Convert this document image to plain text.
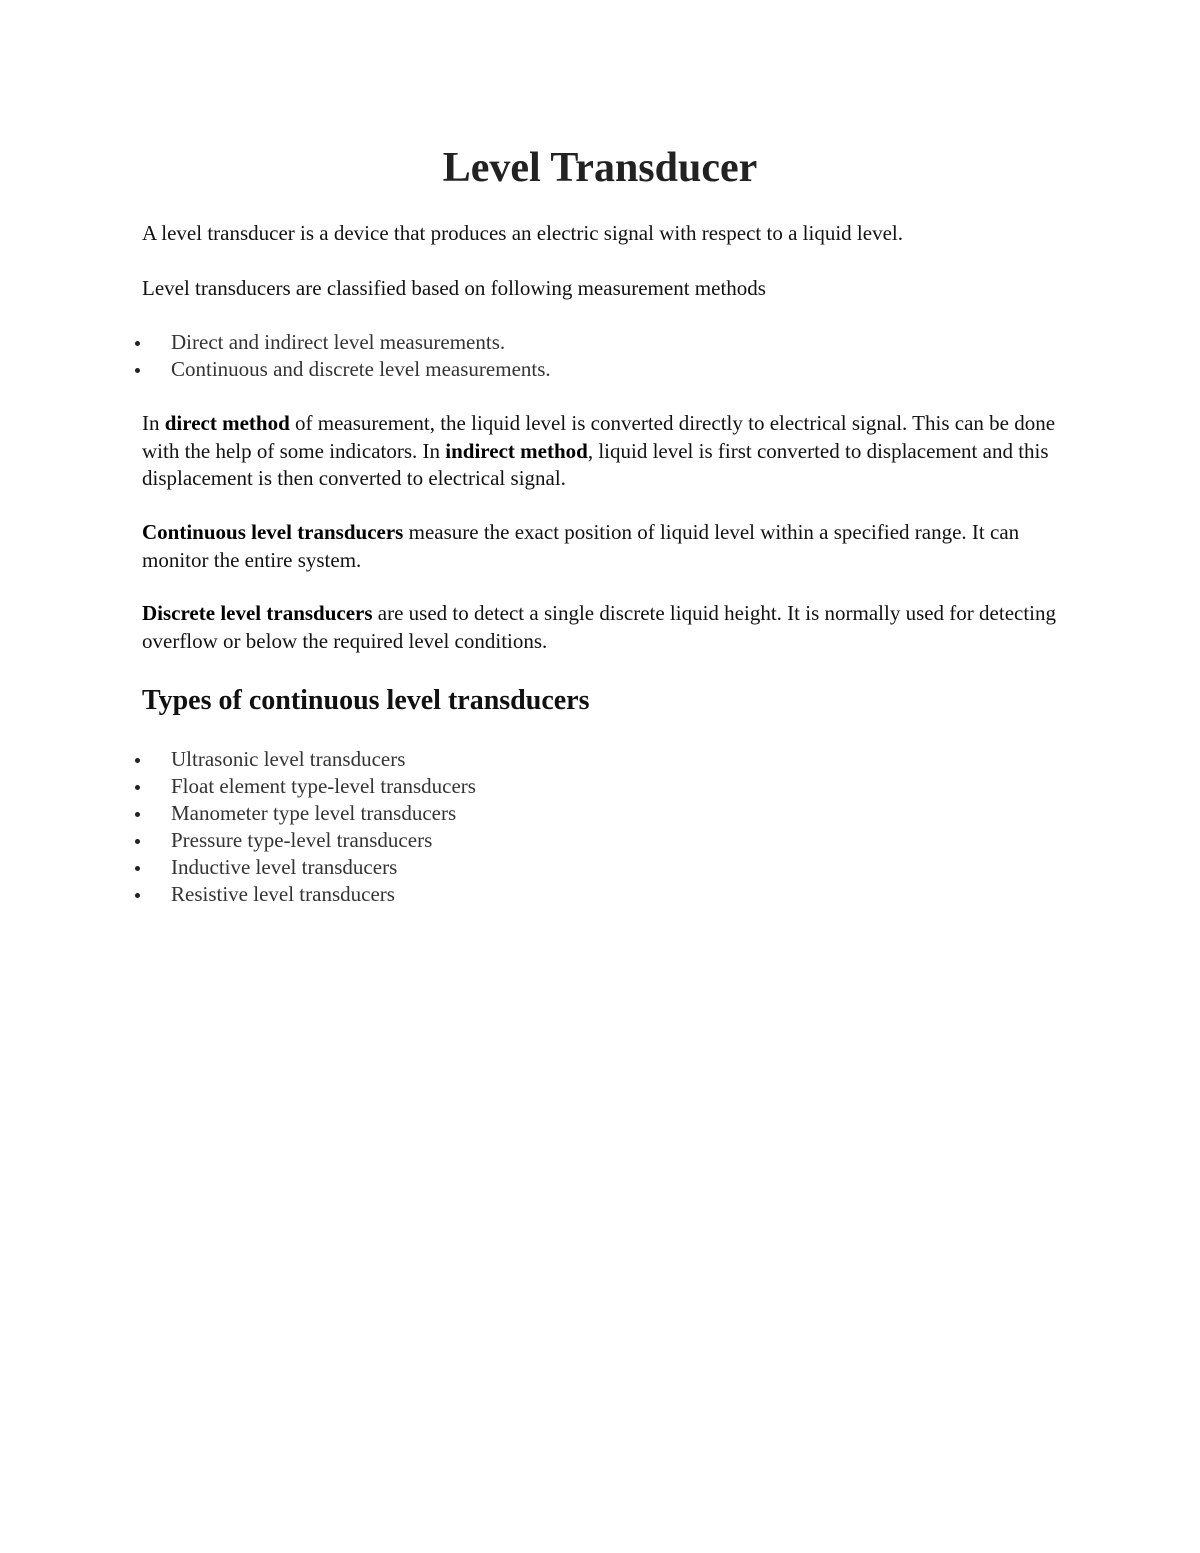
Level Transducer

A level transducer is a device that produces an electric signal with respect to a liquid level.

Level transducers are classified based on following measurement methods

Direct and indirect level measurements.
Continuous and discrete level measurements.

In direct method of measurement, the liquid level is converted directly to electrical signal. This can be done with the help of some indicators. In indirect method, liquid level is first converted to displacement and this displacement is then converted to electrical signal.

Continuous level transducers measure the exact position of liquid level within a specified range. It can monitor the entire system.

Discrete level transducers are used to detect a single discrete liquid height. It is normally used for detecting overflow or below the required level conditions.

Types of continuous level transducers
Ultrasonic level transducers
Float element type-level transducers
Manometer type level transducers
Pressure type-level transducers
Inductive level transducers
Resistive level transducers
